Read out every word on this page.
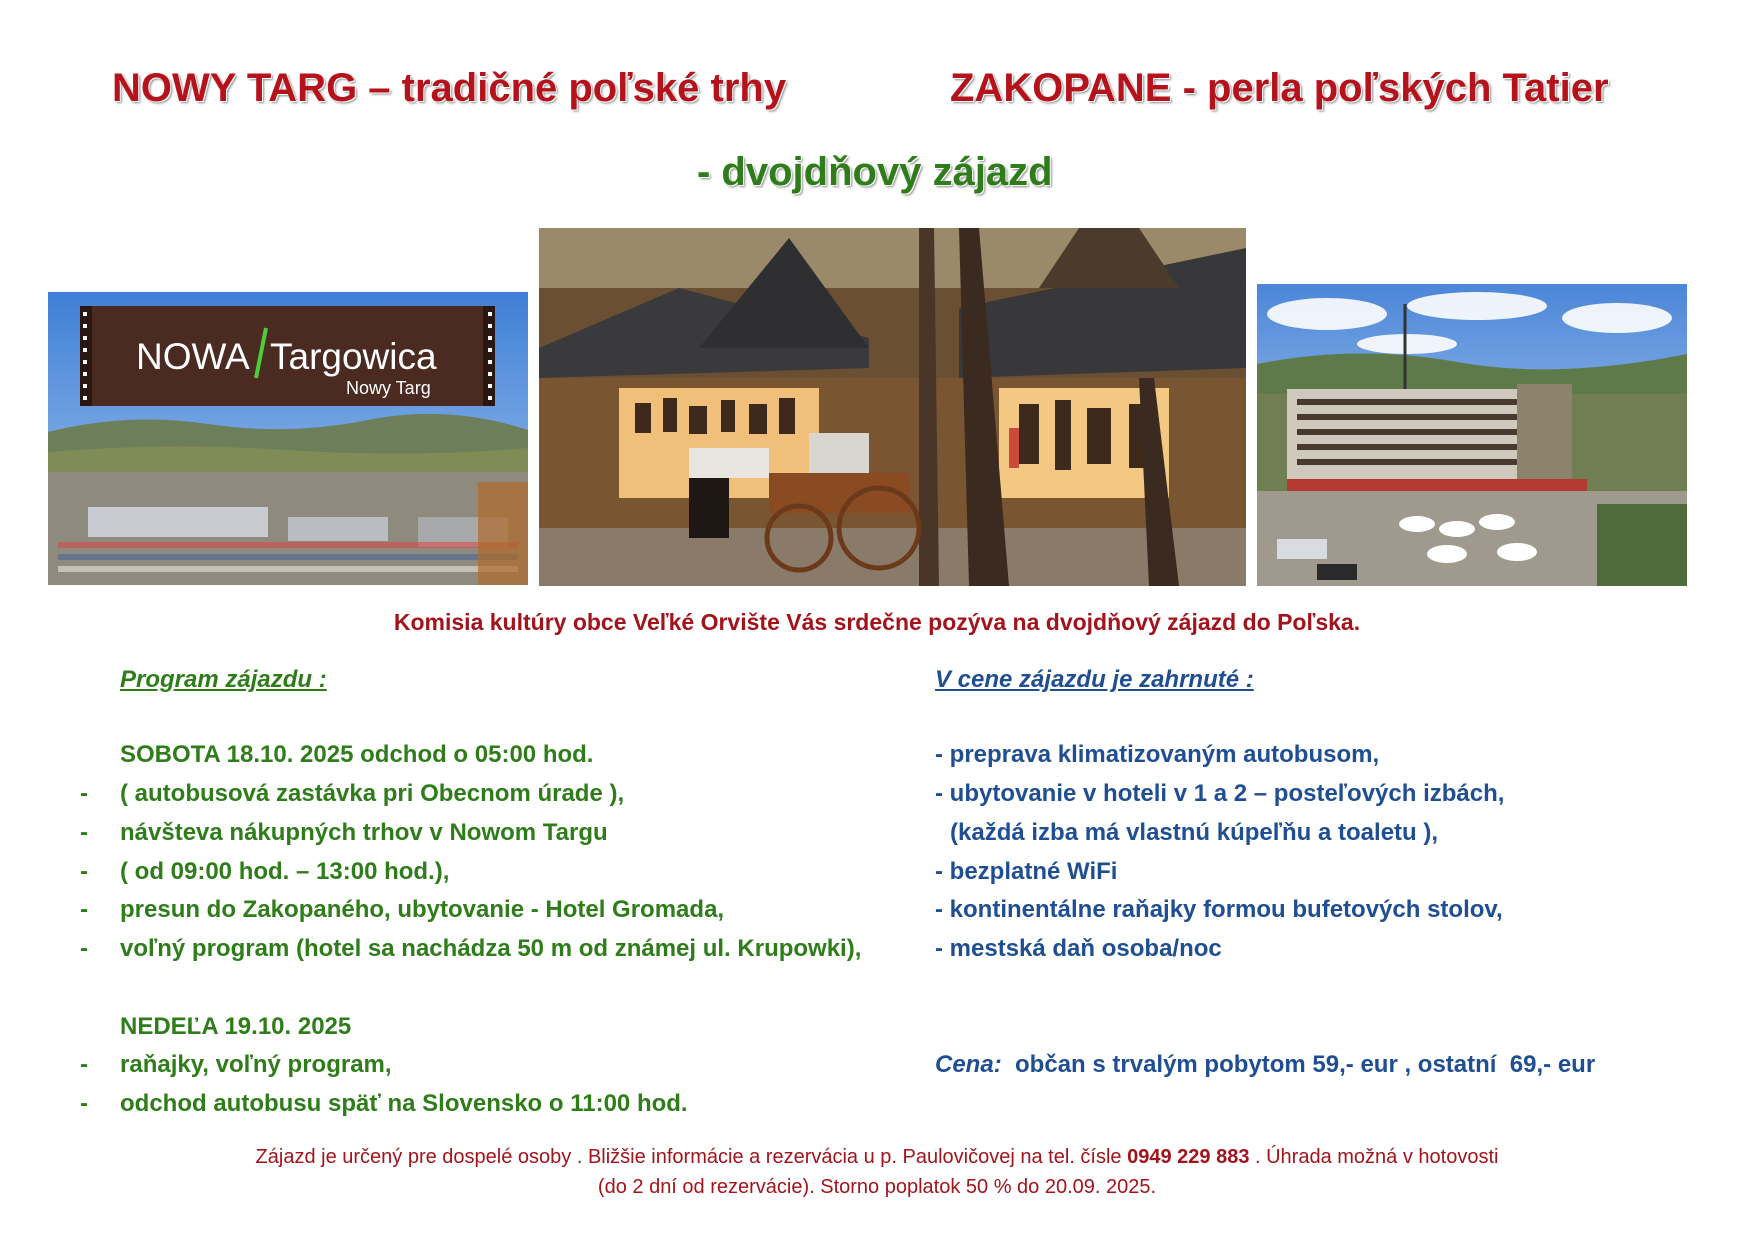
NOWY TARG – tradičné poľské trhy	ZAKOPANE - perla poľských Tatier
- dvojdňový zájazd
NOWA Targowica
Nowy Targ
Komisia kultúry obce Veľké Orvište Vás srdečne pozýva na dvojdňový zájazd do Poľska.
Program zájazdu :
SOBOTA 18.10. 2025 odchod o 05:00 hod.
- ( autobusová zastávka pri Obecnom úrade ),
- návšteva nákupných trhov v Nowom Targu
- ( od 09:00 hod. – 13:00 hod.),
- presun do Zakopaného, ubytovanie - Hotel Gromada,
- voľný program (hotel sa nachádza 50 m od známej ul. Krupowki),
NEDEĽA 19.10. 2025
- raňajky, voľný program,
- odchod autobusu späť na Slovensko o 11:00 hod.
V cene zájazdu je zahrnuté :
- preprava klimatizovaným autobusom,
- ubytovanie v hoteli v 1 a 2 – posteľových izbách,
(každá izba má vlastnú kúpeľňu a toaletu ),
- bezplatné WiFi
- kontinentálne raňajky formou bufetových stolov,
- mestská daň osoba/noc
Cena:  občan s trvalým pobytom 59,- eur , ostatní  69,- eur
Zájazd je určený pre dospelé osoby . Bližšie informácie a rezervácia u p. Paulovičovej na tel. čísle 0949 229 883 . Úhrada možná v hotovosti
(do 2 dní od rezervácie). Storno poplatok 50 % do 20.09. 2025.
